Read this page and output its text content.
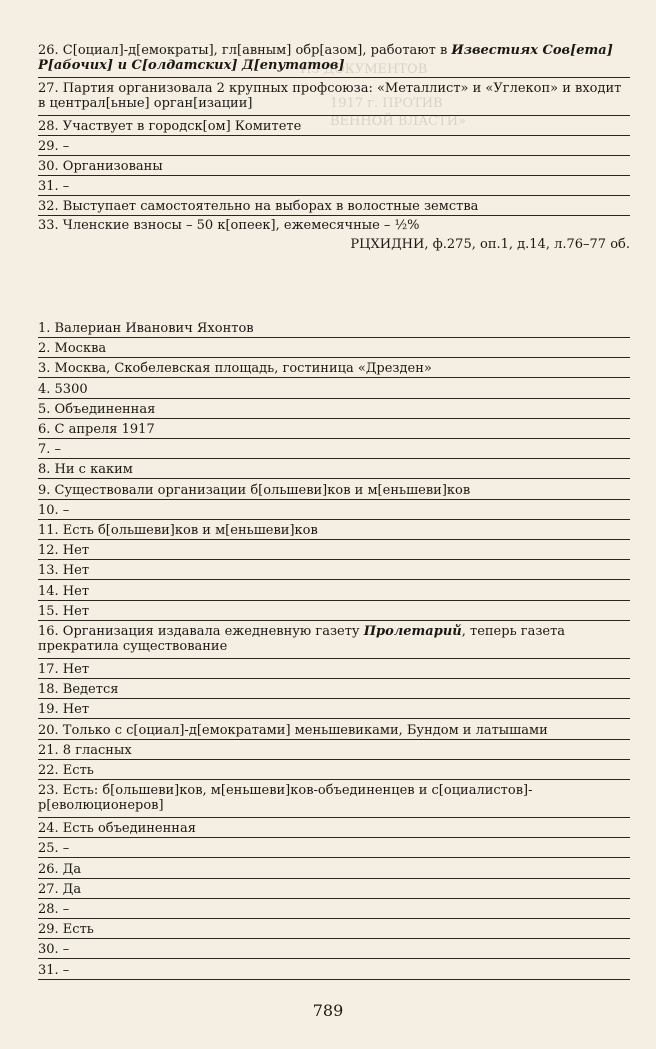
ИЗ ДОКУМЕНТОВ
1917 г. ПРОТИВ
ВЕННОЙ ВЛАСТИ»
26. С[оциал]-д[емократы], гл[авным] обр[азом], работают в Известиях Сов[ета] Р[абочих] и С[олдатских] Д[епутатов]
27. Партия организовала 2 крупных профсоюза: «Металлист» и «Углекоп» и входит в централ[ьные] орган[изации]
28. Участвует в городск[ом] Комитете
29. –
30. Организованы
31. –
32. Выступает самостоятельно на выборах в волостные земства
33. Членские взносы – 50 к[опеек], ежемесячные – ½%
РЦХИДНИ, ф.275, оп.1, д.14, л.76–77 об.
1. Валериан Иванович Яхонтов
2. Москва
3. Москва, Скобелевская площадь, гостиница «Дрезден»
4. 5300
5. Объединенная
6. С апреля 1917
7. –
8. Ни с каким
9. Существовали организации б[ольшеви]ков и м[еньшеви]ков
10. –
11. Есть б[ольшеви]ков и м[еньшеви]ков
12. Нет
13. Нет
14. Нет
15. Нет
16. Организация издавала ежедневную газету Пролетарий, теперь газета прекратила существование
17. Нет
18. Ведется
19. Нет
20. Только с с[оциал]-д[емократами] меньшевиками, Бундом и латышами
21. 8 гласных
22. Есть
23. Есть: б[ольшеви]ков, м[еньшеви]ков-объединенцев и с[оциалистов]-р[еволюционеров]
24. Есть объединенная
25. –
26. Да
27. Да
28. –
29. Есть
30. –
31. –
789
